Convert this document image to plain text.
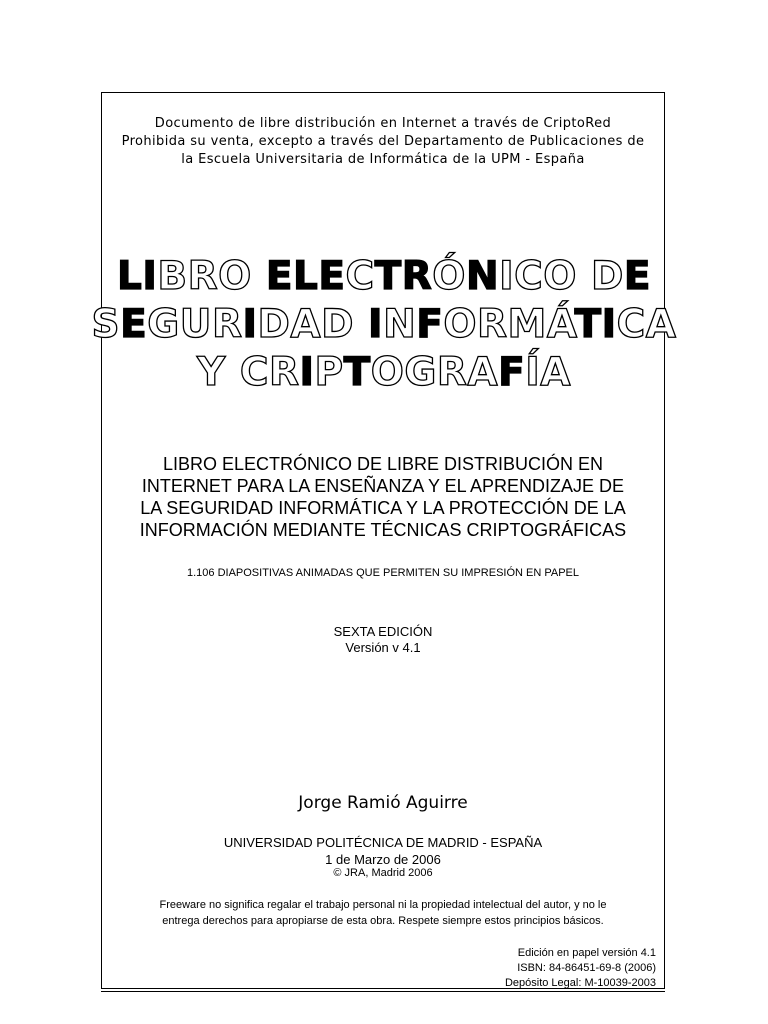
Documento de libre distribución en Internet a través de CriptoRed
Prohibida su venta, excepto a través del Departamento de Publicaciones de
la Escuela Universitaria de Informática de la UPM - España
LIBRO ELECTRÓNICO DE
SEGURIDAD INFORMÁTICA
Y CRIPTOGRAFÍA
LIBRO ELECTRÓNICO DE LIBRE DISTRIBUCIÓN EN
INTERNET PARA LA ENSEÑANZA Y EL APRENDIZAJE DE
LA SEGURIDAD INFORMÁTICA Y LA PROTECCIÓN DE LA
INFORMACIÓN MEDIANTE TÉCNICAS CRIPTOGRÁFICAS
1.106 DIAPOSITIVAS ANIMADAS QUE PERMITEN SU IMPRESIÓN EN PAPEL
SEXTA EDICIÓN
Versión v 4.1
Jorge Ramió Aguirre
UNIVERSIDAD POLITÉCNICA DE MADRID - ESPAÑA
1 de Marzo de 2006
© JRA, Madrid 2006
Freeware no significa regalar el trabajo personal ni la propiedad intelectual del autor, y no le
entrega derechos para apropiarse de esta obra. Respete siempre estos principios básicos.
Edición en papel versión 4.1
ISBN: 84-86451-69-8 (2006)
Depósito Legal: M-10039-2003
